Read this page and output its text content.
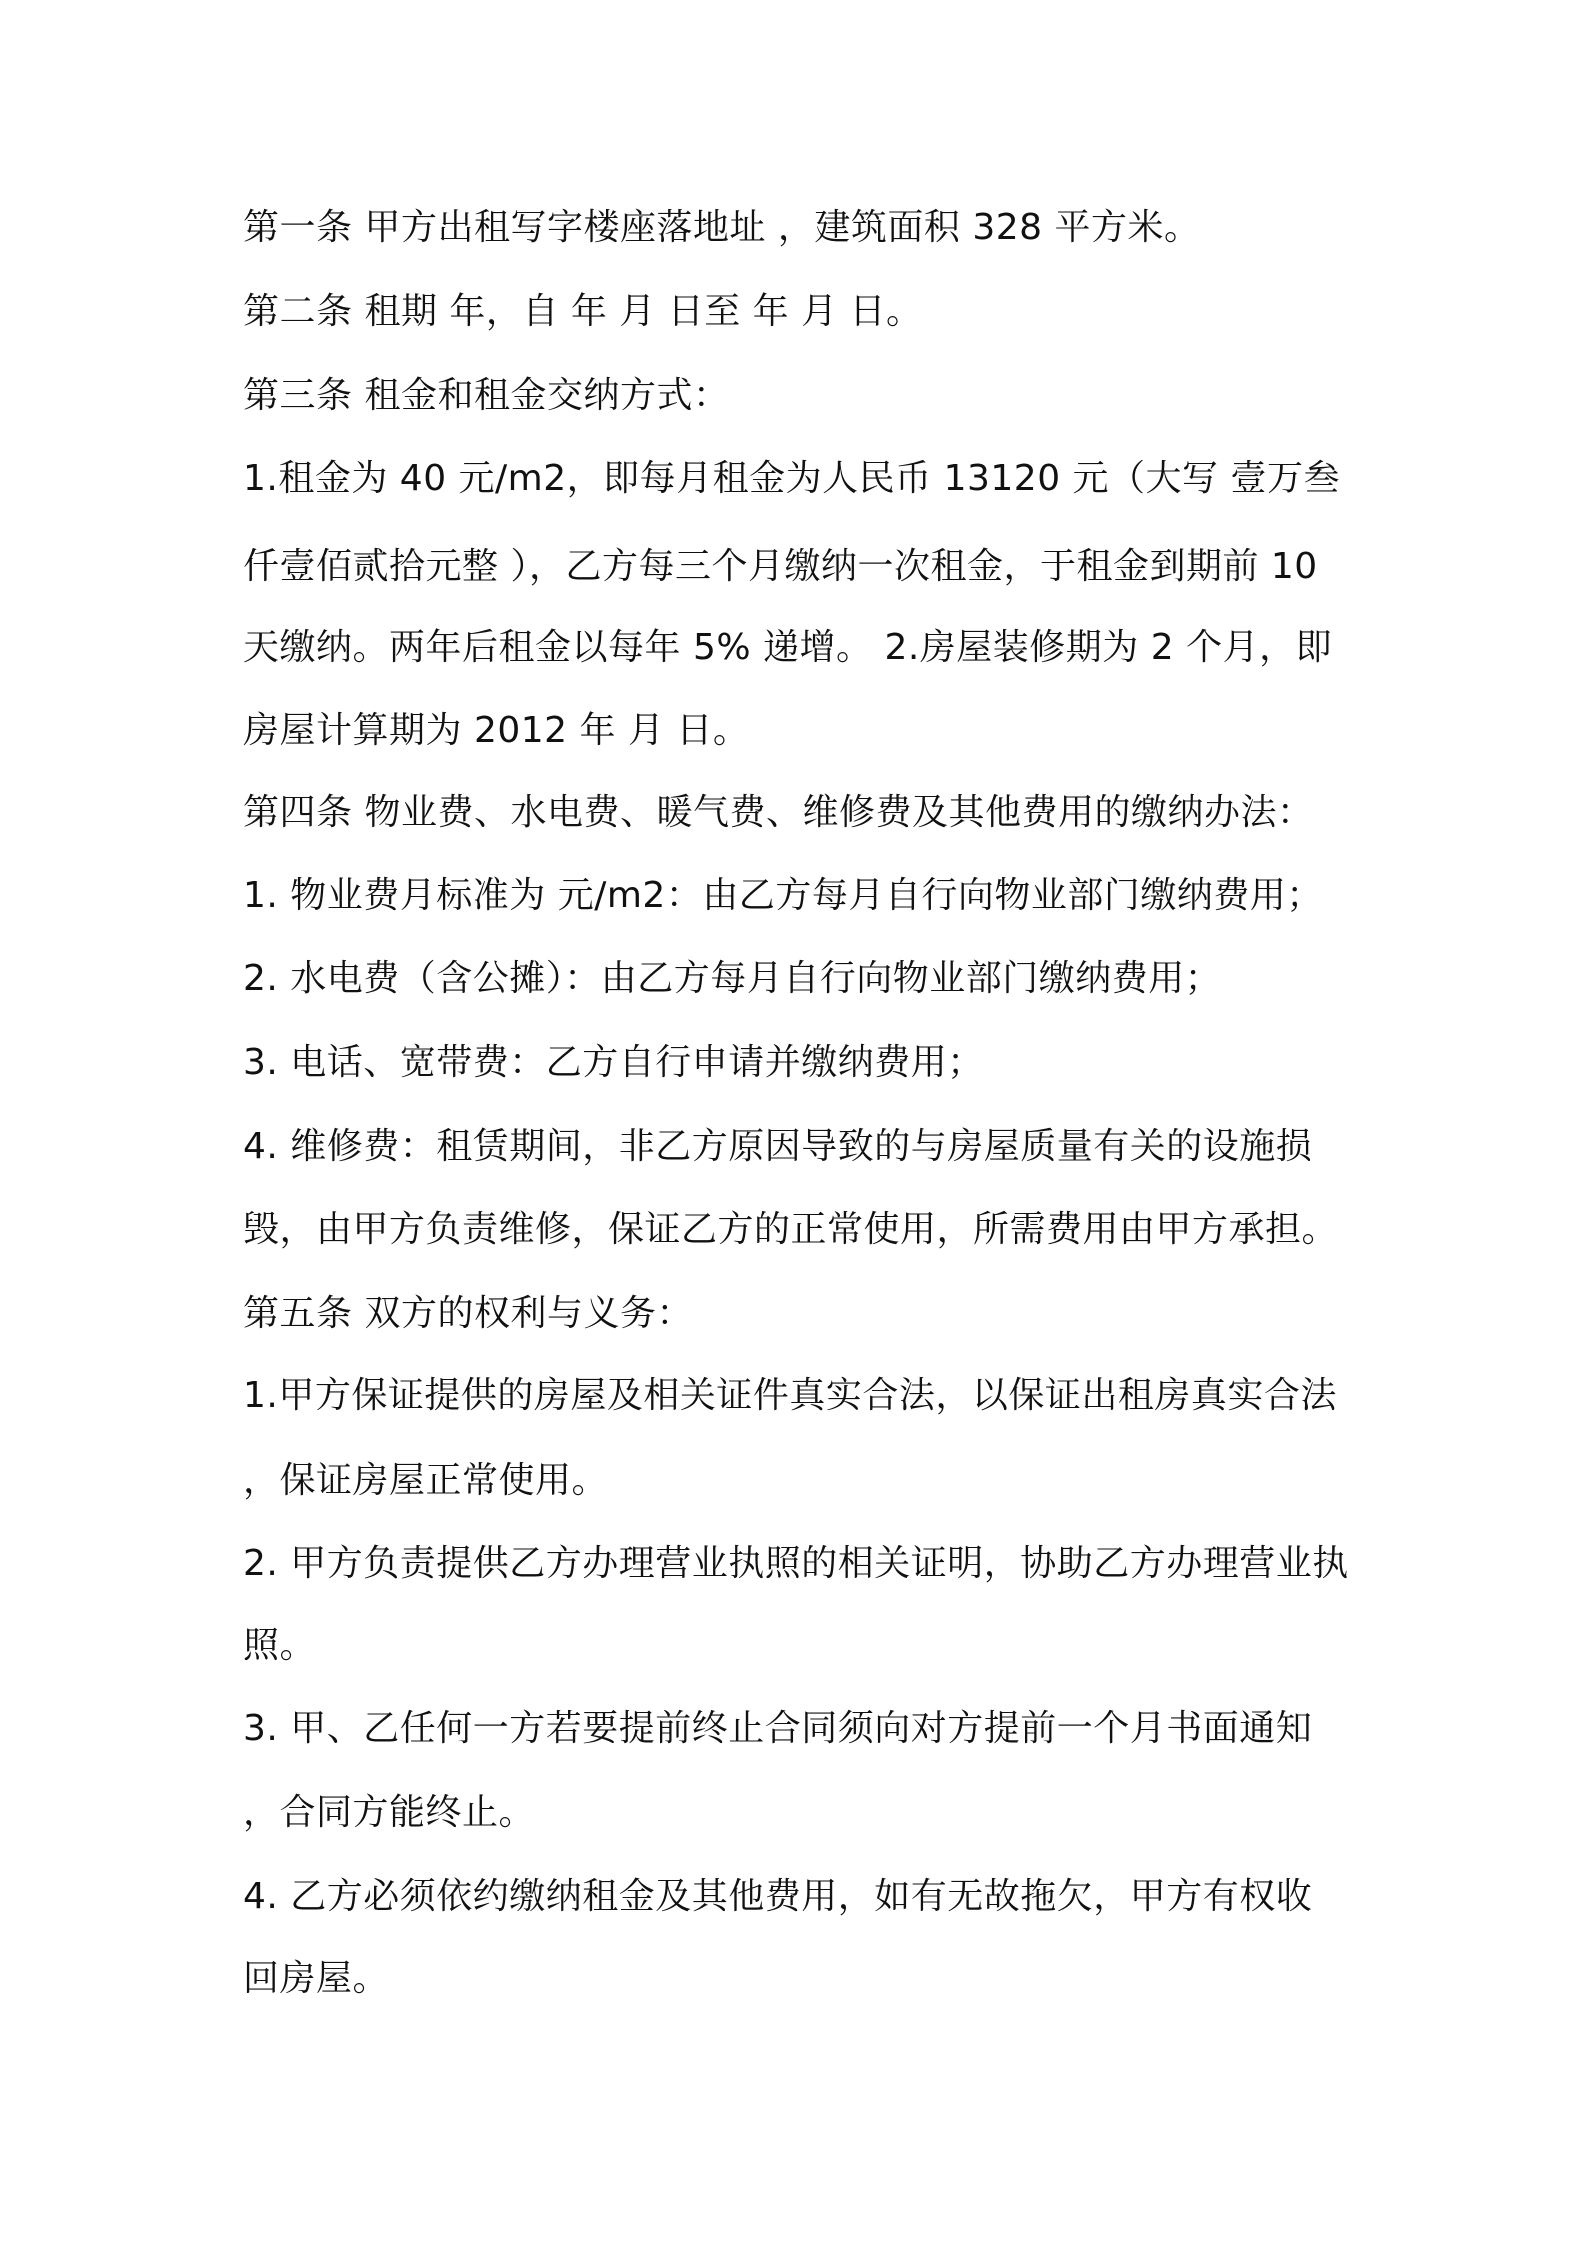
第一条 甲方出租写字楼座落地址 ，建筑面积 328 平方米。
第二条 租期 年，自 年 月 日至 年 月 日。
第三条 租金和租金交纳方式：
1.租金为 40 元/m2，即每月租金为人民币 13120 元（大写 壹万叁
仟壹佰贰拾元整 ），乙方每三个月缴纳一次租金，于租金到期前 10
天缴纳。两年后租金以每年 5% 递增。 2.房屋装修期为 2 个月，即
房屋计算期为 2012 年 月 日。
第四条 物业费、水电费、暖气费、维修费及其他费用的缴纳办法：
1. 物业费月标准为 元/m2：由乙方每月自行向物业部门缴纳费用；
2. 水电费（含公摊）：由乙方每月自行向物业部门缴纳费用；
3. 电话、宽带费：乙方自行申请并缴纳费用；
4. 维修费：租赁期间，非乙方原因导致的与房屋质量有关的设施损
毁，由甲方负责维修，保证乙方的正常使用，所需费用由甲方承担。
第五条 双方的权利与义务：
1.甲方保证提供的房屋及相关证件真实合法，以保证出租房真实合法
，保证房屋正常使用。
2. 甲方负责提供乙方办理营业执照的相关证明，协助乙方办理营业执
照。
3. 甲、乙任何一方若要提前终止合同须向对方提前一个月书面通知
，合同方能终止。
4. 乙方必须依约缴纳租金及其他费用，如有无故拖欠，甲方有权收
回房屋。
